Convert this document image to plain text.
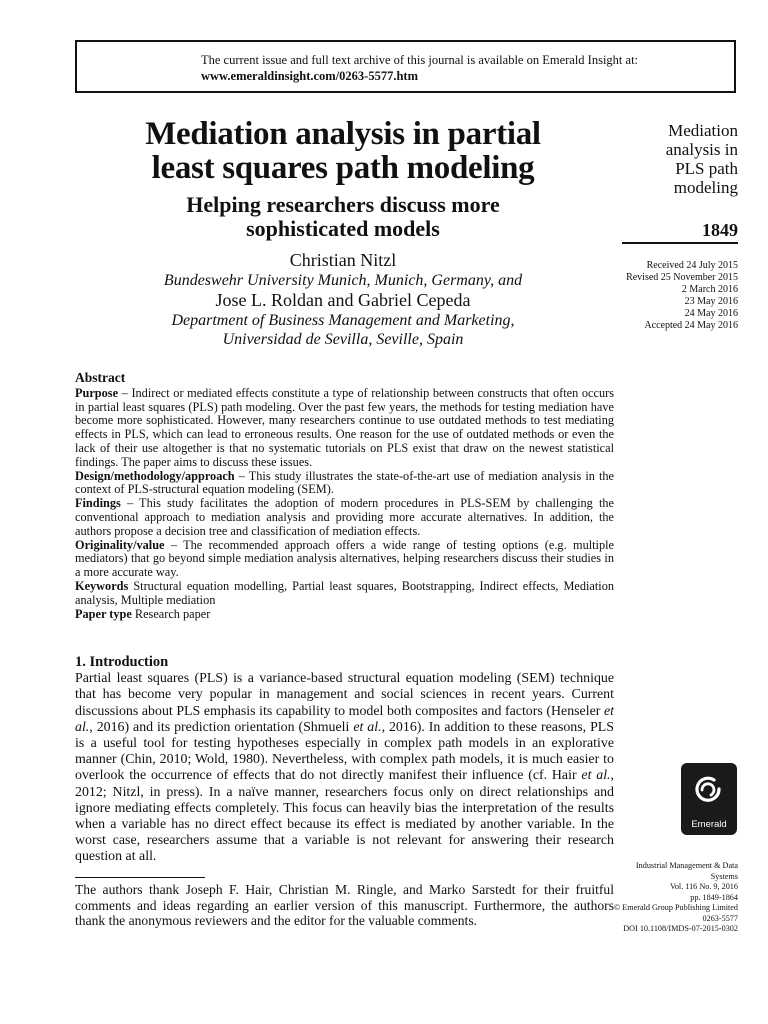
The current issue and full text archive of this journal is available on Emerald Insight at:
www.emeraldinsight.com/0263-5577.htm
Mediation analysis in partial
least squares path modeling
Helping researchers discuss more
sophisticated models
Christian Nitzl
Bundeswehr University Munich, Munich, Germany, and
Jose L. Roldan and Gabriel Cepeda
Department of Business Management and Marketing,
Universidad de Sevilla, Seville, Spain
Mediation
analysis in
PLS path
modeling
1849
Received 24 July 2015
Revised 25 November 2015
2 March 2016
23 May 2016
24 May 2016
Accepted 24 May 2016
Abstract

Purpose – Indirect or mediated effects constitute a type of relationship between constructs that often occurs in partial least squares (PLS) path modeling. Over the past few years, the methods for testing mediation have become more sophisticated. However, many researchers continue to use outdated methods to test mediating effects in PLS, which can lead to erroneous results. One reason for the use of outdated methods or even the lack of their use altogether is that no systematic tutorials on PLS exist that draw on the newest statistical findings. The paper aims to discuss these issues.

Design/methodology/approach – This study illustrates the state-of-the-art use of mediation analysis in the context of PLS-structural equation modeling (SEM).

Findings – This study facilitates the adoption of modern procedures in PLS-SEM by challenging the conventional approach to mediation analysis and providing more accurate alternatives. In addition, the authors propose a decision tree and classification of mediation effects.

Originality/value – The recommended approach offers a wide range of testing options (e.g. multiple mediators) that go beyond simple mediation analysis alternatives, helping researchers discuss their studies in a more accurate way.

Keywords Structural equation modelling, Partial least squares, Bootstrapping, Indirect effects, Mediation analysis, Multiple mediation

Paper type Research paper

1. Introduction

Partial least squares (PLS) is a variance-based structural equation modeling (SEM) technique that has become very popular in management and social sciences in recent years. Current discussions about PLS emphasis its capability to model both composites and factors (Henseler et al., 2016) and its prediction orientation (Shmueli et al., 2016). In addition to these reasons, PLS is a useful tool for testing hypotheses especially in complex path models in an explorative manner (Chin, 2010; Wold, 1980). Nevertheless, with complex path models, it is much easier to overlook the occurrence of effects that do not directly manifest their influence (cf. Hair et al., 2012; Nitzl, in press). In a naïve manner, researchers focus only on direct relationships and ignore mediating effects completely. This focus can heavily bias the interpretation of the results when a variable has no direct effect because its effect is mediated by another variable. In the worst case, researchers assume that a variable is not relevant for answering their research question at all.

The authors thank Joseph F. Hair, Christian M. Ringle, and Marko Sarstedt for their fruitful comments and ideas regarding an earlier version of this manuscript. Furthermore, the authors thank the anonymous reviewers and the editor for the valuable comments.
Emerald
Industrial Management & Data
Systems
Vol. 116 No. 9, 2016
pp. 1849-1864
© Emerald Group Publishing Limited
0263-5577
DOI 10.1108/IMDS-07-2015-0302
